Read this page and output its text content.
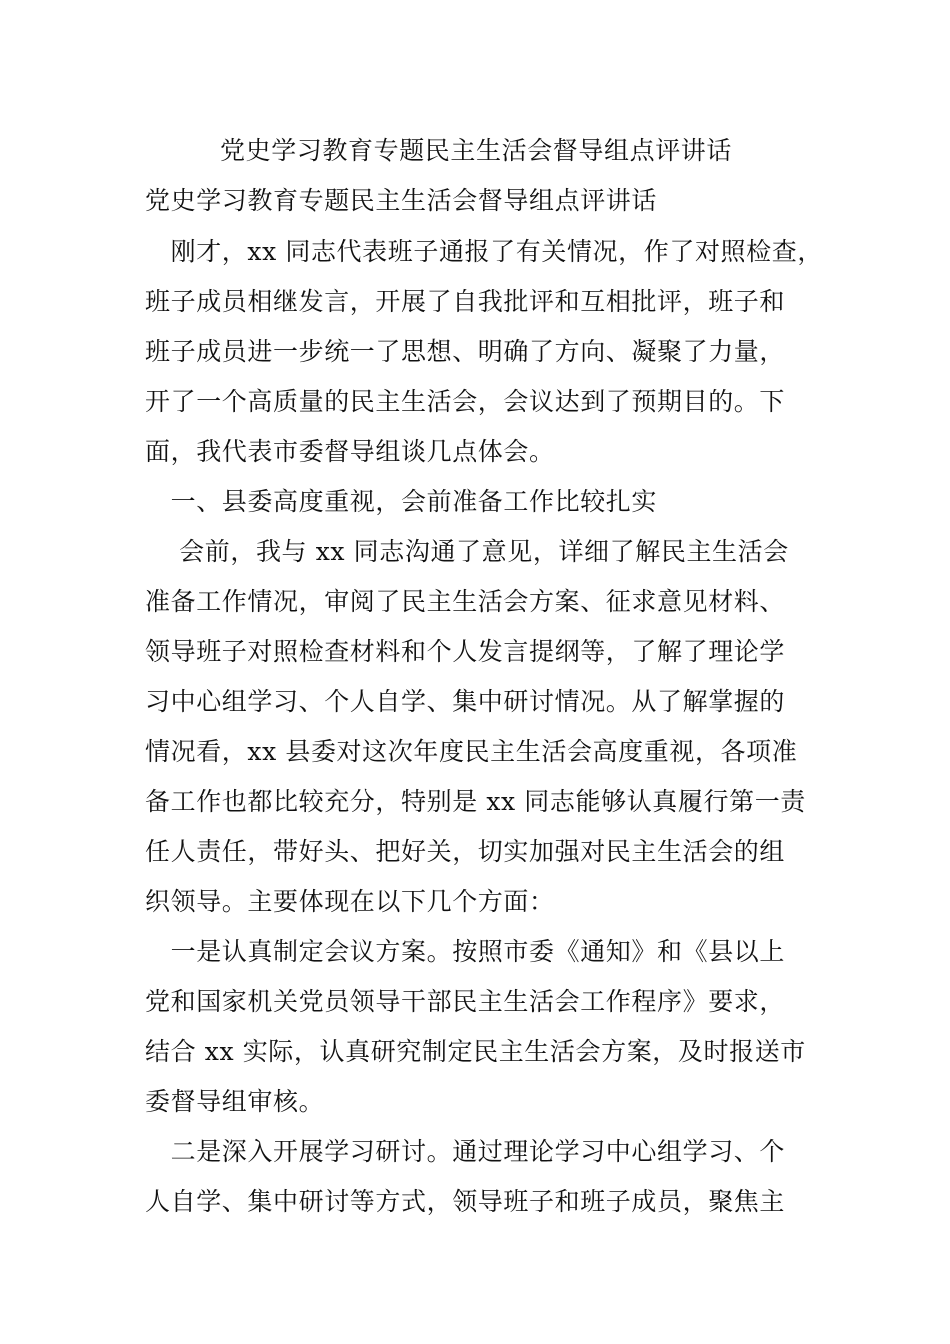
党史学习教育专题民主生活会督导组点评讲话
党史学习教育专题民主生活会督导组点评讲话
　刚才，xx 同志代表班子通报了有关情况，作了对照检查，
班子成员相继发言，开展了自我批评和互相批评，班子和
班子成员进一步统一了思想、明确了方向、凝聚了力量，
开了一个高质量的民主生活会，会议达到了预期目的。下
面，我代表市委督导组谈几点体会。
　一、县委高度重视，会前准备工作比较扎实
　 会前，我与 xx 同志沟通了意见，详细了解民主生活会
准备工作情况，审阅了民主生活会方案、征求意见材料、
领导班子对照检查材料和个人发言提纲等，了解了理论学
习中心组学习、个人自学、集中研讨情况。从了解掌握的
情况看，xx 县委对这次年度民主生活会高度重视，各项准
备工作也都比较充分，特别是 xx 同志能够认真履行第一责
任人责任，带好头、把好关，切实加强对民主生活会的组
织领导。主要体现在以下几个方面：
　一是认真制定会议方案。按照市委《通知》和《县以上
党和国家机关党员领导干部民主生活会工作程序》要求，
结合 xx 实际，认真研究制定民主生活会方案，及时报送市
委督导组审核。
　二是深入开展学习研讨。通过理论学习中心组学习、个
人自学、集中研讨等方式，领导班子和班子成员，聚焦主
